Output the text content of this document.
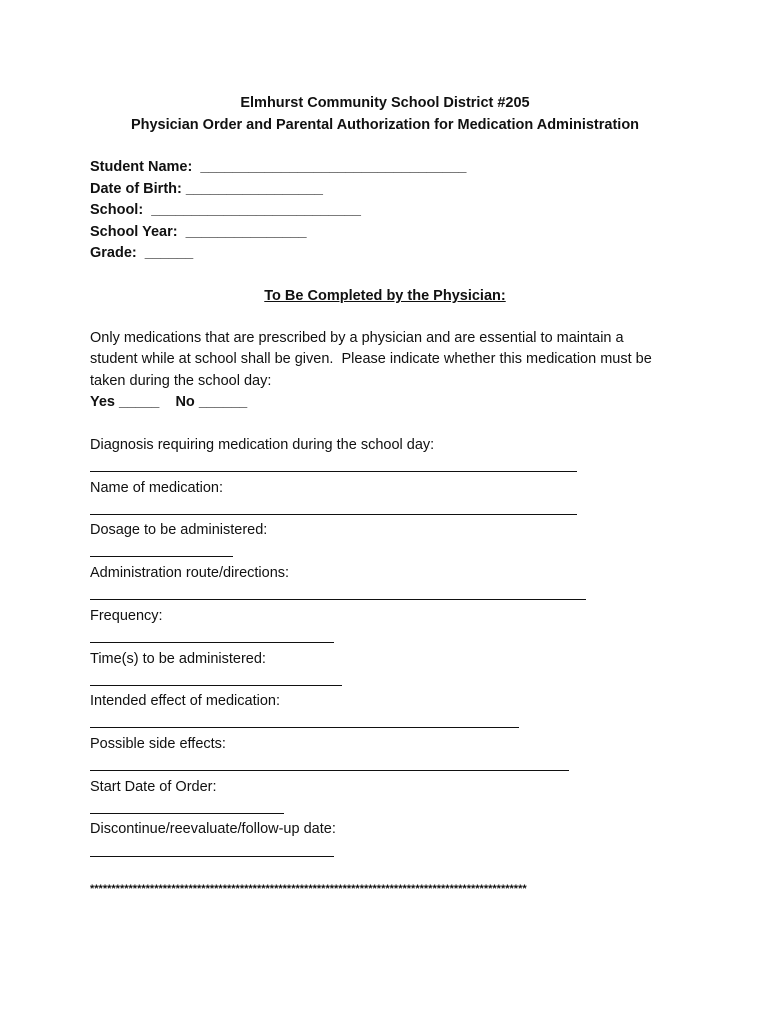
Elmhurst Community School District #205
Physician Order and Parental Authorization for Medication Administration
Student Name:  _________________________________
Date of Birth: _________________
School:  __________________________
School Year:  _______________
Grade:  ______
To Be Completed by the Physician:
Only medications that are prescribed by a physician and are essential to maintain a
student while at school shall be given.  Please indicate whether this medication must be
taken during the school day:
Yes _____    No ______
Diagnosis requiring medication during the school day:
Name of medication:
Dosage to be administered:
Administration route/directions:
Frequency:
Time(s) to be administered:
Intended effect of medication:
Possible side effects:
Start Date of Order:
Discontinue/reevaluate/follow-up date:
******************************************************************************************************
